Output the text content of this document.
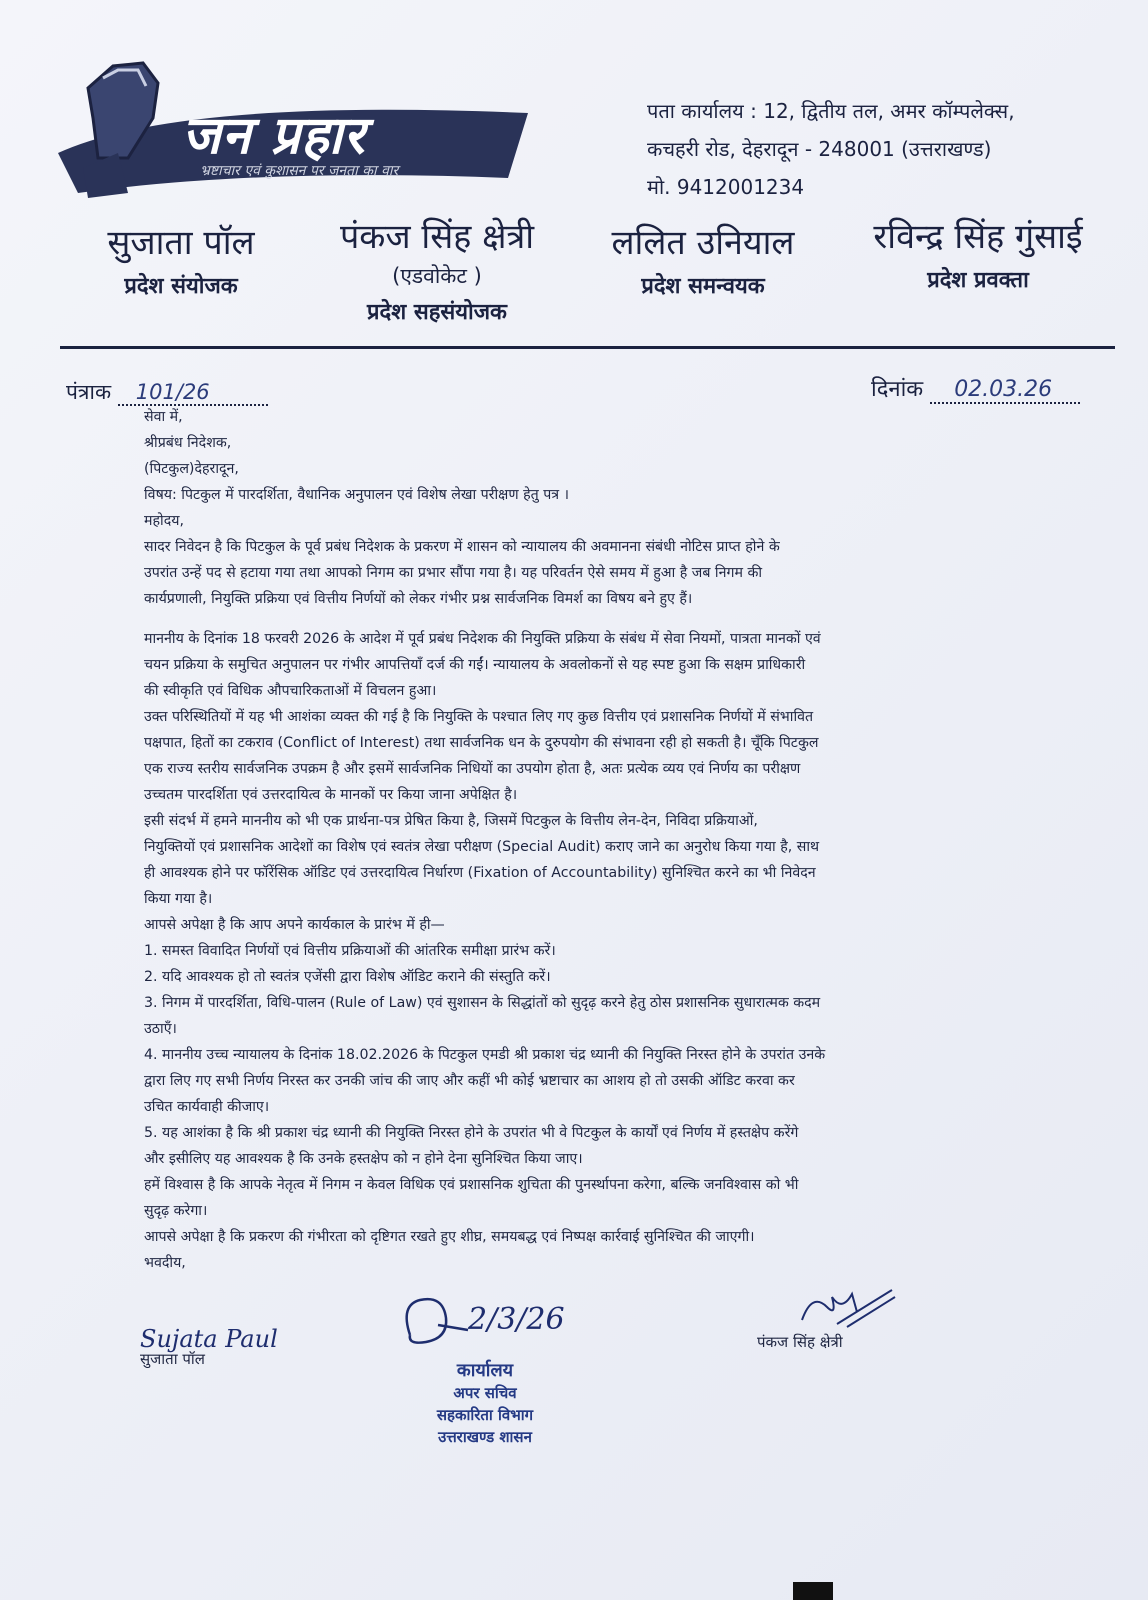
जन प्रहार
भ्रष्टाचार एवं कुशासन पर जनता का वार
पता कार्यालय : 12, द्वितीय तल, अमर कॉम्पलेक्स,
कचहरी रोड, देहरादून - 248001 (उत्तराखण्ड)
मो. 9412001234
सुजाता पॉल
प्रदेश संयोजक
पंकज सिंह क्षेत्री
(एडवोकेट )
प्रदेश सहसंयोजक
ललित उनियाल
प्रदेश समन्वयक
रविन्द्र सिंह गुंसाई
प्रदेश प्रवक्ता
पंत्राक 101/26	दिनांक 02.03.26
सेवा में,
श्रीप्रबंध निदेशक,
(पिटकुल)देहरादून,
विषय: पिटकुल में पारदर्शिता, वैधानिक अनुपालन एवं विशेष लेखा परीक्षण हेतु पत्र ।
महोदय,
सादर निवेदन है कि पिटकुल के पूर्व प्रबंध निदेशक के प्रकरण में शासन को न्यायालय की अवमानना संबंधी नोटिस प्राप्त होने के
उपरांत उन्हें पद से हटाया गया तथा आपको निगम का प्रभार सौंपा गया है। यह परिवर्तन ऐसे समय में हुआ है जब निगम की
कार्यप्रणाली, नियुक्ति प्रक्रिया एवं वित्तीय निर्णयों को लेकर गंभीर प्रश्न सार्वजनिक विमर्श का विषय बने हुए हैं।
माननीय के दिनांक 18 फरवरी 2026 के आदेश में पूर्व प्रबंध निदेशक की नियुक्ति प्रक्रिया के संबंध में सेवा नियमों, पात्रता मानकों एवं
चयन प्रक्रिया के समुचित अनुपालन पर गंभीर आपत्तियाँ दर्ज की गईं। न्यायालय के अवलोकनों से यह स्पष्ट हुआ कि सक्षम प्राधिकारी
की स्वीकृति एवं विधिक औपचारिकताओं में विचलन हुआ।
उक्त परिस्थितियों में यह भी आशंका व्यक्त की गई है कि नियुक्ति के पश्चात लिए गए कुछ वित्तीय एवं प्रशासनिक निर्णयों में संभावित
पक्षपात, हितों का टकराव (Conflict of Interest) तथा सार्वजनिक धन के दुरुपयोग की संभावना रही हो सकती है। चूँकि पिटकुल
एक राज्य स्तरीय सार्वजनिक उपक्रम है और इसमें सार्वजनिक निधियों का उपयोग होता है, अतः प्रत्येक व्यय एवं निर्णय का परीक्षण
उच्चतम पारदर्शिता एवं उत्तरदायित्व के मानकों पर किया जाना अपेक्षित है।
इसी संदर्भ में हमने माननीय को भी एक प्रार्थना-पत्र प्रेषित किया है, जिसमें पिटकुल के वित्तीय लेन-देन, निविदा प्रक्रियाओं,
नियुक्तियों एवं प्रशासनिक आदेशों का विशेष एवं स्वतंत्र लेखा परीक्षण (Special Audit) कराए जाने का अनुरोध किया गया है, साथ
ही आवश्यक होने पर फॉरेंसिक ऑडिट एवं उत्तरदायित्व निर्धारण (Fixation of Accountability) सुनिश्चित करने का भी निवेदन
किया गया है।
आपसे अपेक्षा है कि आप अपने कार्यकाल के प्रारंभ में ही—
1. समस्त विवादित निर्णयों एवं वित्तीय प्रक्रियाओं की आंतरिक समीक्षा प्रारंभ करें।
2. यदि आवश्यक हो तो स्वतंत्र एजेंसी द्वारा विशेष ऑडिट कराने की संस्तुति करें।
3. निगम में पारदर्शिता, विधि-पालन (Rule of Law) एवं सुशासन के सिद्धांतों को सुदृढ़ करने हेतु ठोस प्रशासनिक सुधारात्मक कदम
उठाएँ।
4. माननीय उच्च न्यायालय के दिनांक 18.02.2026 के पिटकुल एमडी श्री प्रकाश चंद्र ध्यानी की नियुक्ति निरस्त होने के उपरांत उनके
द्वारा लिए गए सभी निर्णय निरस्त कर उनकी जांच की जाए और कहीं भी कोई भ्रष्टाचार का आशय हो तो उसकी ऑडिट करवा कर
उचित कार्यवाही कीजाए।
5. यह आशंका है कि श्री प्रकाश चंद्र ध्यानी की नियुक्ति निरस्त होने के उपरांत भी वे पिटकुल के कार्यों एवं निर्णय में हस्तक्षेप करेंगे
और इसीलिए यह आवश्यक है कि उनके हस्तक्षेप को न होने देना सुनिश्चित किया जाए।
हमें विश्वास है कि आपके नेतृत्व में निगम न केवल विधिक एवं प्रशासनिक शुचिता की पुनर्स्थापना करेगा, बल्कि जनविश्वास को भी
सुदृढ़ करेगा।
आपसे अपेक्षा है कि प्रकरण की गंभीरता को दृष्टिगत रखते हुए शीघ्र, समयबद्ध एवं निष्पक्ष कार्रवाई सुनिश्चित की जाएगी।
भवदीय,
Sujata Paul
सुजाता पॉल
2/3/26
कार्यालय
अपर सचिव
सहकारिता विभाग
उत्तराखण्ड शासन
पंकज सिंह क्षेत्री
